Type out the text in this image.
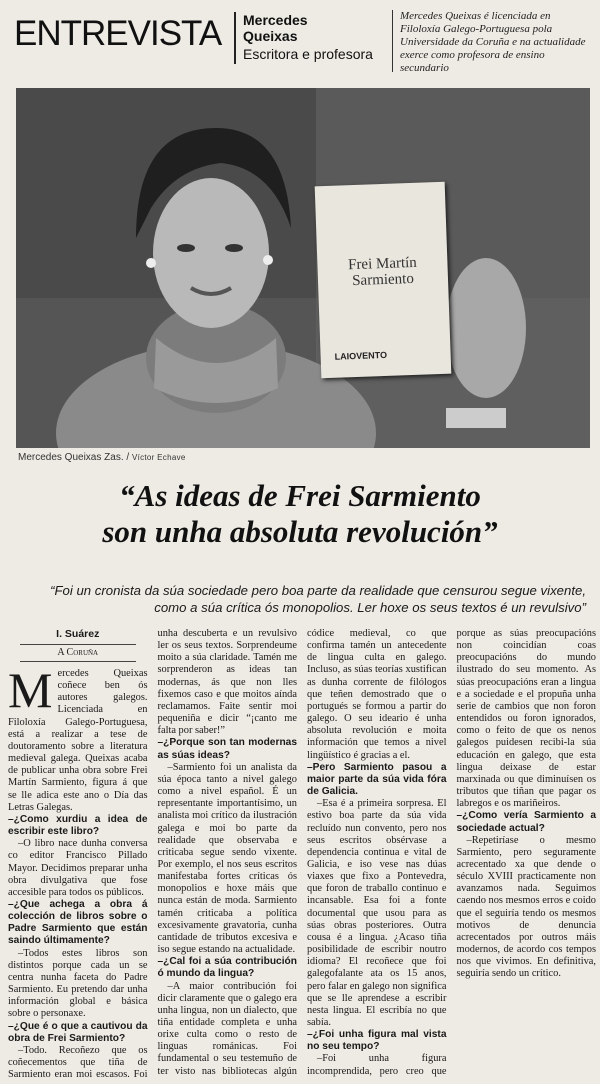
ENTREVISTA Mercedes
Queixas
Escritora e profesora
Mercedes Queixas é licenciada en Filoloxía Galego-Portuguesa pola Universidade da Coruña e na actualidade exerce como profesora de ensino secundario
Frei Martín
Sarmiento
LAIOVENTO
Mercedes Queixas Zas. / Víctor Echave
“As ideas de Frei Sarmiento
son unha absoluta revolución”
“Foi un cronista da súa sociedade pero boa parte da realidade que censurou segue vixente, como a súa crítica ós monopolios. Ler hoxe os seus textos é un revulsivo”
I. Suárez
A Coruña

Mercedes Queixas coñece ben ós autores galegos. Licenciada en Filoloxía Galego-Portuguesa, está a realizar a tese de doutoramento sobre a literatura medieval galega. Queixas acaba de publicar unha obra sobre Frei Martín Sarmiento, figura á que se lle adica este ano o Día das Letras Galegas.

–¿Como xurdiu a idea de escribir este libro?

–O libro nace dunha conversa co editor Francisco Pillado Mayor. Decidimos preparar unha obra divulgativa que fose accesible para todos os públicos.

–¿Que achega a obra á colección de libros sobre o Padre Sarmiento que están saindo últimamente?

–Todos estes libros son distintos porque cada un se centra nunha faceta do Padre Sarmiento. Eu pretendo dar unha información global e básica sobre o personaxe.

–¿Que é o que a cautivou da obra de Frei Sarmiento?

–Todo. Recoñezo que os coñecementos que tiña de Sarmiento eran moi escasos. Foi unha descuberta e un revulsivo ler os seus textos. Sorprendeume moito a súa claridade. Tamén me sorprenderon as ideas tan modernas, ás que non lles fixemos caso e que moitos aínda reclamamos. Faite sentir moi pequeniña e dicir “¡canto me falta por saber!”

–¿Porque son tan modernas as súas ideas?

–Sarmiento foi un analista da súa época tanto a nivel galego como a nivel español. É un representante importantísimo, un analista moi crítico da ilustración galega e moi bo parte da realidade que observaba e criticaba segue sendo vixente. Por exemplo, el nos seus escritos manifestaba fortes críticas ós monopolios e hoxe máis que nunca están de moda. Sarmiento tamén criticaba a política excesivamente gravatoria, cunha cantidade de tributos excesiva e iso segue estando na actualidade.

–¿Cal foi a súa contribución ó mundo da lingua?

–A maior contribución foi dicir claramente que o galego era unha lingua, non un dialecto, que tiña entidade completa e unha orixe culta como o resto de linguas románicas. Foi fundamental o seu testemuño de ter visto nas bibliotecas algún códice medieval, co que confirma tamén un antecedente de lingua culta en galego. Incluso, as súas teorías xustifican as dunha corrente de filólogos que teñen demostrado que o portugués se formou a partir do galego. O seu ideario é unha absoluta revolución e moita información que temos a nivel lingüístico é gracias a el.

–Pero Sarmiento pasou a maior parte da súa vida fóra de Galicia.

–Esa é a primeira sorpresa. El estivo boa parte da súa vida recluído nun convento, pero nos seus escritos obsérvase a dependencia continua e vital de Galicia, e iso vese nas dúas viaxes que fixo a Pontevedra, que foron de traballo continuo e incansable. Esa foi a fonte documental que usou para as súas obras posteriores. Outra cousa é a lingua. ¿Acaso tiña posibilidade de escribir noutro idioma? El recoñece que foi galegofalante ata os 15 anos, pero falar en galego non significa que se lle aprendese a escribir nesta lingua. El escribía no que sabía.

–¿Foi unha figura mal vista no seu tempo?

–Foi unha figura incomprendida, pero creo que porque as súas preocupacións non coincidían coas preocupacións do mundo ilustrado do seu momento. As súas preocupacións eran a lingua e a sociedade e el propuña unha serie de cambios que non foron entendidos ou foron ignorados, como o feito de que os nenos galegos puidesen recibi-la súa educación en galego, que esta lingua deixase de estar marxinada ou que diminuísen os tributos que tiñan que pagar os labregos e os mariñeiros.

–¿Como vería Sarmiento a sociedade actual?

–Repetiríase o mesmo Sarmiento, pero seguramente acrecentado xa que dende o século XVIII practicamente non avanzamos nada. Seguimos caendo nos mesmos erros e coido que el seguiría tendo os mesmos motivos de denuncia acrecentados por outros máis modernos, de acordo cos tempos nos que vivimos. En definitiva, seguiría sendo un crítico.
